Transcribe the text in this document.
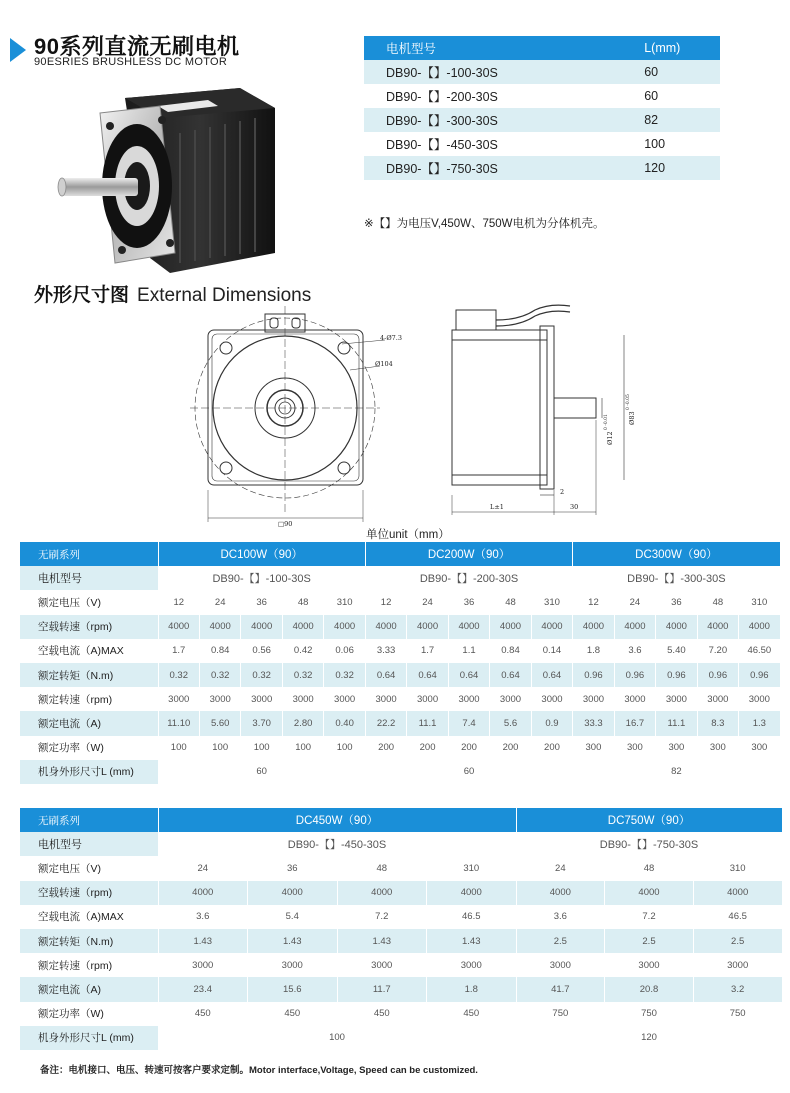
90系列直流无刷电机
90ESRIES BRUSHLESS DC MOTOR
电机型号	L(mm)
DB90-【】-100-30S	60
DB90-【】-200-30S	60
DB90-【】-300-30S	82
DB90-【】-450-30S	100
DB90-【】-750-30S	120

※【】为电压V,450W、750W电机为分体机壳。
外形尺寸图 External Dimensions
4-Ø7.3
Ø104
□90
L±1	30
2
Ø12
0 -0.01	Ø83
0 -0.05
单位unit（mm）
无刷系列	DC100W（90）					DC200W（90）					DC300W（90）				
电机型号	DB90-【】-100-30S					DB90-【】-200-30S					DB90-【】-300-30S				
额定电压（V)	12	24	36	48	310	12	24	36	48	310	12	24	36	48	310
空载转速（rpm)	4000	4000	4000	4000	4000	4000	4000	4000	4000	4000	4000	4000	4000	4000	4000
空载电流（A)MAX	1.7	0.84	0.56	0.42	0.06	3.33	1.7	1.1	0.84	0.14	1.8	3.6	5.40	7.20	46.50
额定转矩（N.m)	0.32	0.32	0.32	0.32	0.32	0.64	0.64	0.64	0.64	0.64	0.96	0.96	0.96	0.96	0.96
额定转速（rpm)	3000	3000	3000	3000	3000	3000	3000	3000	3000	3000	3000	3000	3000	3000	3000
额定电流（A)	11.10	5.60	3.70	2.80	0.40	22.2	11.1	7.4	5.6	0.9	33.3	16.7	11.1	8.3	1.3
额定功率（W)	100	100	100	100	100	200	200	200	200	200	300	300	300	300	300
机身外形尺寸L (mm)	60					60					82				
无刷系列	DC450W（90）				DC750W（90）		
电机型号	DB90-【】-450-30S				DB90-【】-750-30S		
额定电压（V)	24	36	48	310	24	48	310
空载转速（rpm)	4000	4000	4000	4000	4000	4000	4000
空载电流（A)MAX	3.6	5.4	7.2	46.5	3.6	7.2	46.5
额定转矩（N.m)	1.43	1.43	1.43	1.43	2.5	2.5	2.5
额定转速（rpm)	3000	3000	3000	3000	3000	3000	3000
额定电流（A)	23.4	15.6	11.7	1.8	41.7	20.8	3.2
额定功率（W)	450	450	450	450	750	750	750
机身外形尺寸L (mm)	100				120		
备注：电机接口、电压、转速可按客户要求定制。Motor interface,Voltage, Speed can be customized.
